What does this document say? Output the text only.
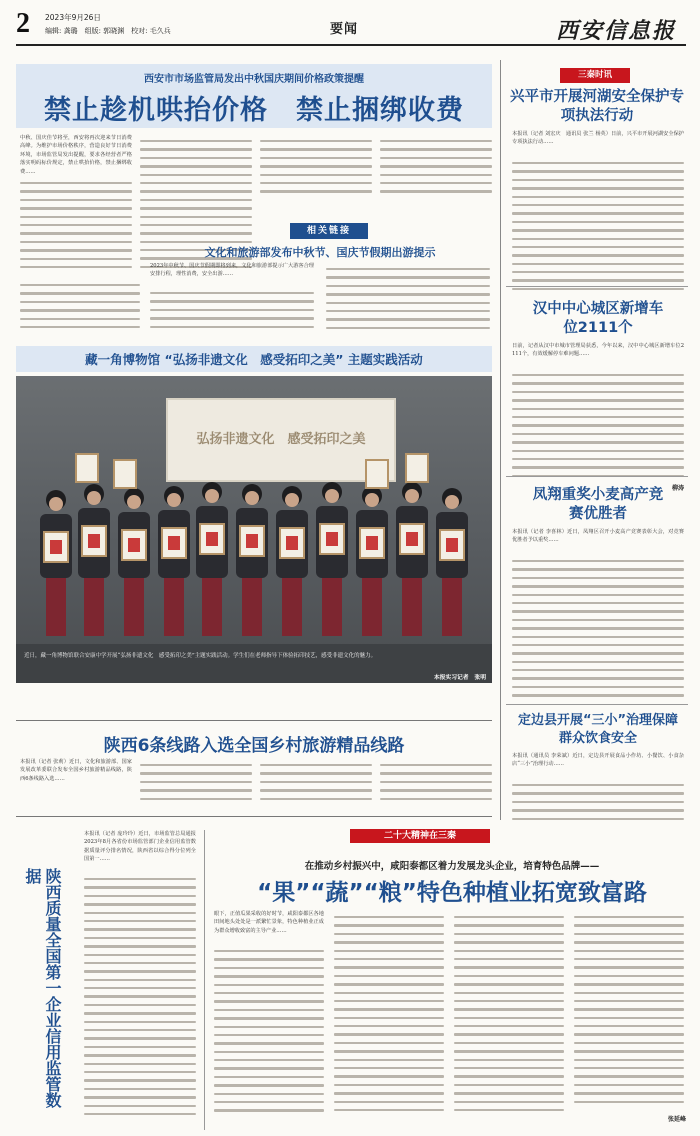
2 2023年9月26日
编辑: 龚璐　组版: 郭晓渊　校对: 毛久兵	要闻	西安信息报
西安市市场监管局发出中秋国庆期间价格政策提醒
禁止趁机哄抬价格　禁止捆绑收费
中秋、国庆佳节将至，西安将再次迎来节日消费高峰。为维护市场价格秩序，营造良好节日消费环境，市场监管局发出提醒，要求各经营者严格落实明码标价规定，禁止哄抬价格，禁止捆绑收费……
相关链接
文化和旅游部发布中秋节、国庆节假期出游提示
2023年中秋节、国庆节假期即将到来，文化和旅游部提示广大游客合理安排行程，理性消费，安全出游……
藏一角博物馆 “弘扬非遗文化　感受拓印之美” 主题实践活动
弘扬非遗文化　感受拓印之美
近日，藏一角博物馆联合安康中学开展“弘扬非遗文化　感受拓印之美”主题实践活动。学生们在老师指导下体验拓印技艺，感受非遗文化的魅力。
本报实习记者　张明
陕西6条线路入选全国乡村旅游精品线路
本报讯（记者 张莉）近日，文化和旅游部、国家发展改革委联合发布全国乡村旅游精品线路，陕西6条线路入选……
陕西质量全国第一企业信用监管数据
本报讯（记者 庞玲玲）近日，市场监管总局通报2023年8月各省份市场监管部门企业信用监管数据质量评分排名情况，陕西省以综合得分位列全国第一……
二十大精神在三秦
在推动乡村振兴中，咸阳泰都区着力发展龙头企业，培育特色品牌——
“果”“蔬”“粮”特色种植业拓宽致富路
眼下，正值瓜果采收的好时节，咸阳泰都区各地田间地头处处是一派繁忙景象，特色种植业正成为群众增收致富的主导产业……
张延峰
三秦时讯
兴平市开展河湖安全保护专项执法行动
本报讯（记者 刘宏庆　通讯员 张兰 杨英）日前，兴平市开展河湖安全保护专项执法行动……
汉中中心城区新增车位2111个
日前，记者从汉中市城市管理局获悉，今年以来，汉中中心城区新增车位2111个，有效缓解停车难问题……
柳涛
凤翔重奖小麦高产竞赛优胜者
本报讯（记者 李喜林）近日，凤翔区召开小麦高产竞赛表彰大会，对竞赛优胜者予以重奖……
定边县开展“三小”治理保障群众饮食安全
本报讯（通讯员 李荣斌）近日，定边县开展食品小作坊、小餐饮、小食杂店“三小”治理行动……
